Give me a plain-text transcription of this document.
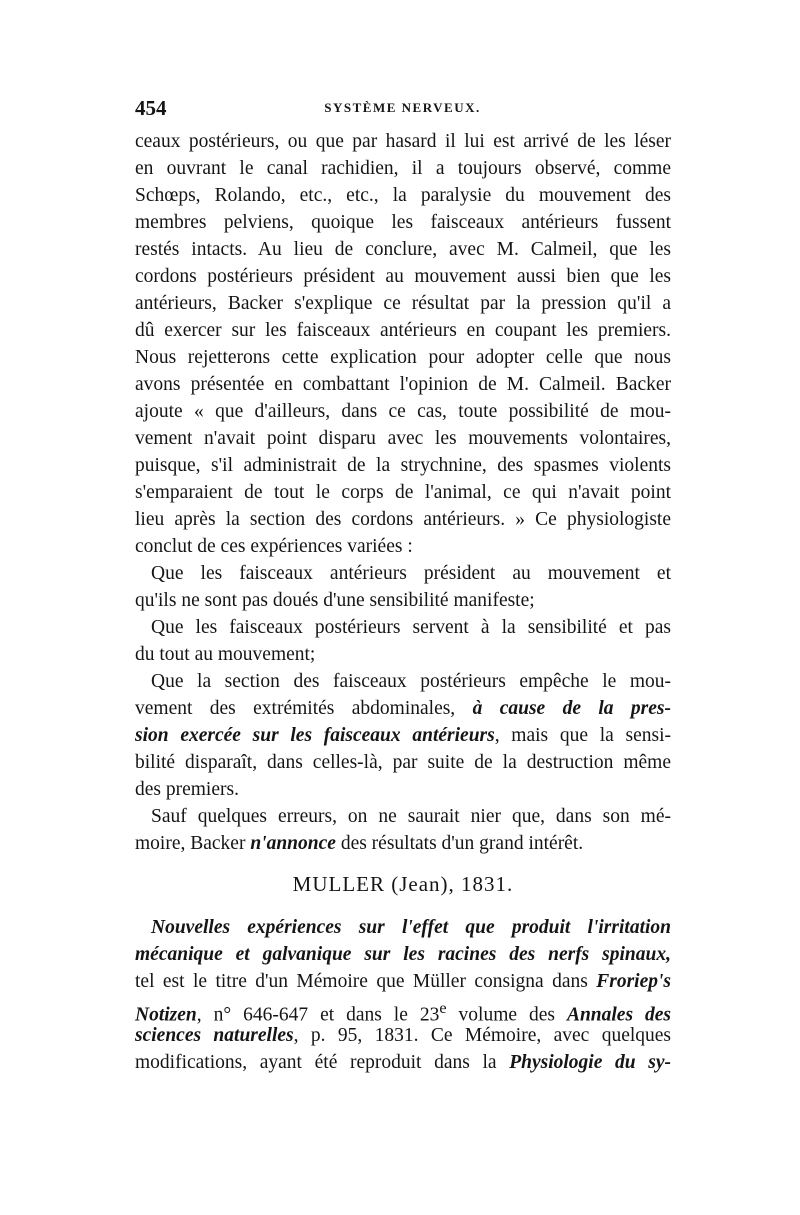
454	SYSTÈME NERVEUX.
ceaux postérieurs, ou que par hasard il lui est arrivé de les léser
en ouvrant le canal rachidien, il a toujours observé, comme
Schœps, Rolando, etc., etc., la paralysie du mouvement des
membres pelviens, quoique les faisceaux antérieurs fussent
restés intacts. Au lieu de conclure, avec M. Calmeil, que les
cordons postérieurs président au mouvement aussi bien que les
antérieurs, Backer s'explique ce résultat par la pression qu'il a
dû exercer sur les faisceaux antérieurs en coupant les premiers.
Nous rejetterons cette explication pour adopter celle que nous
avons présentée en combattant l'opinion de M. Calmeil. Backer
ajoute « que d'ailleurs, dans ce cas, toute possibilité de mou-
vement n'avait point disparu avec les mouvements volontaires,
puisque, s'il administrait de la strychnine, des spasmes violents
s'emparaient de tout le corps de l'animal, ce qui n'avait point
lieu après la section des cordons antérieurs. » Ce physiologiste
conclut de ces expériences variées :
Que les faisceaux antérieurs président au mouvement et
qu'ils ne sont pas doués d'une sensibilité manifeste;
Que les faisceaux postérieurs servent à la sensibilité et pas
du tout au mouvement;
Que la section des faisceaux postérieurs empêche le mou-
vement des extrémités abdominales, à cause de la pres-
sion exercée sur les faisceaux antérieurs, mais que la sensi-
bilité disparaît, dans celles-là, par suite de la destruction même
des premiers.
Sauf quelques erreurs, on ne saurait nier que, dans son mé-
moire, Backer n'annonce des résultats d'un grand intérêt.
MULLER (Jean), 1831.
Nouvelles expériences sur l'effet que produit l'irritation
mécanique et galvanique sur les racines des nerfs spinaux,
tel est le titre d'un Mémoire que Müller consigna dans Froriep's
Notizen, n° 646-647 et dans le 23e volume des Annales des
sciences naturelles, p. 95, 1831. Ce Mémoire, avec quelques
modifications, ayant été reproduit dans la Physiologie du sy-
